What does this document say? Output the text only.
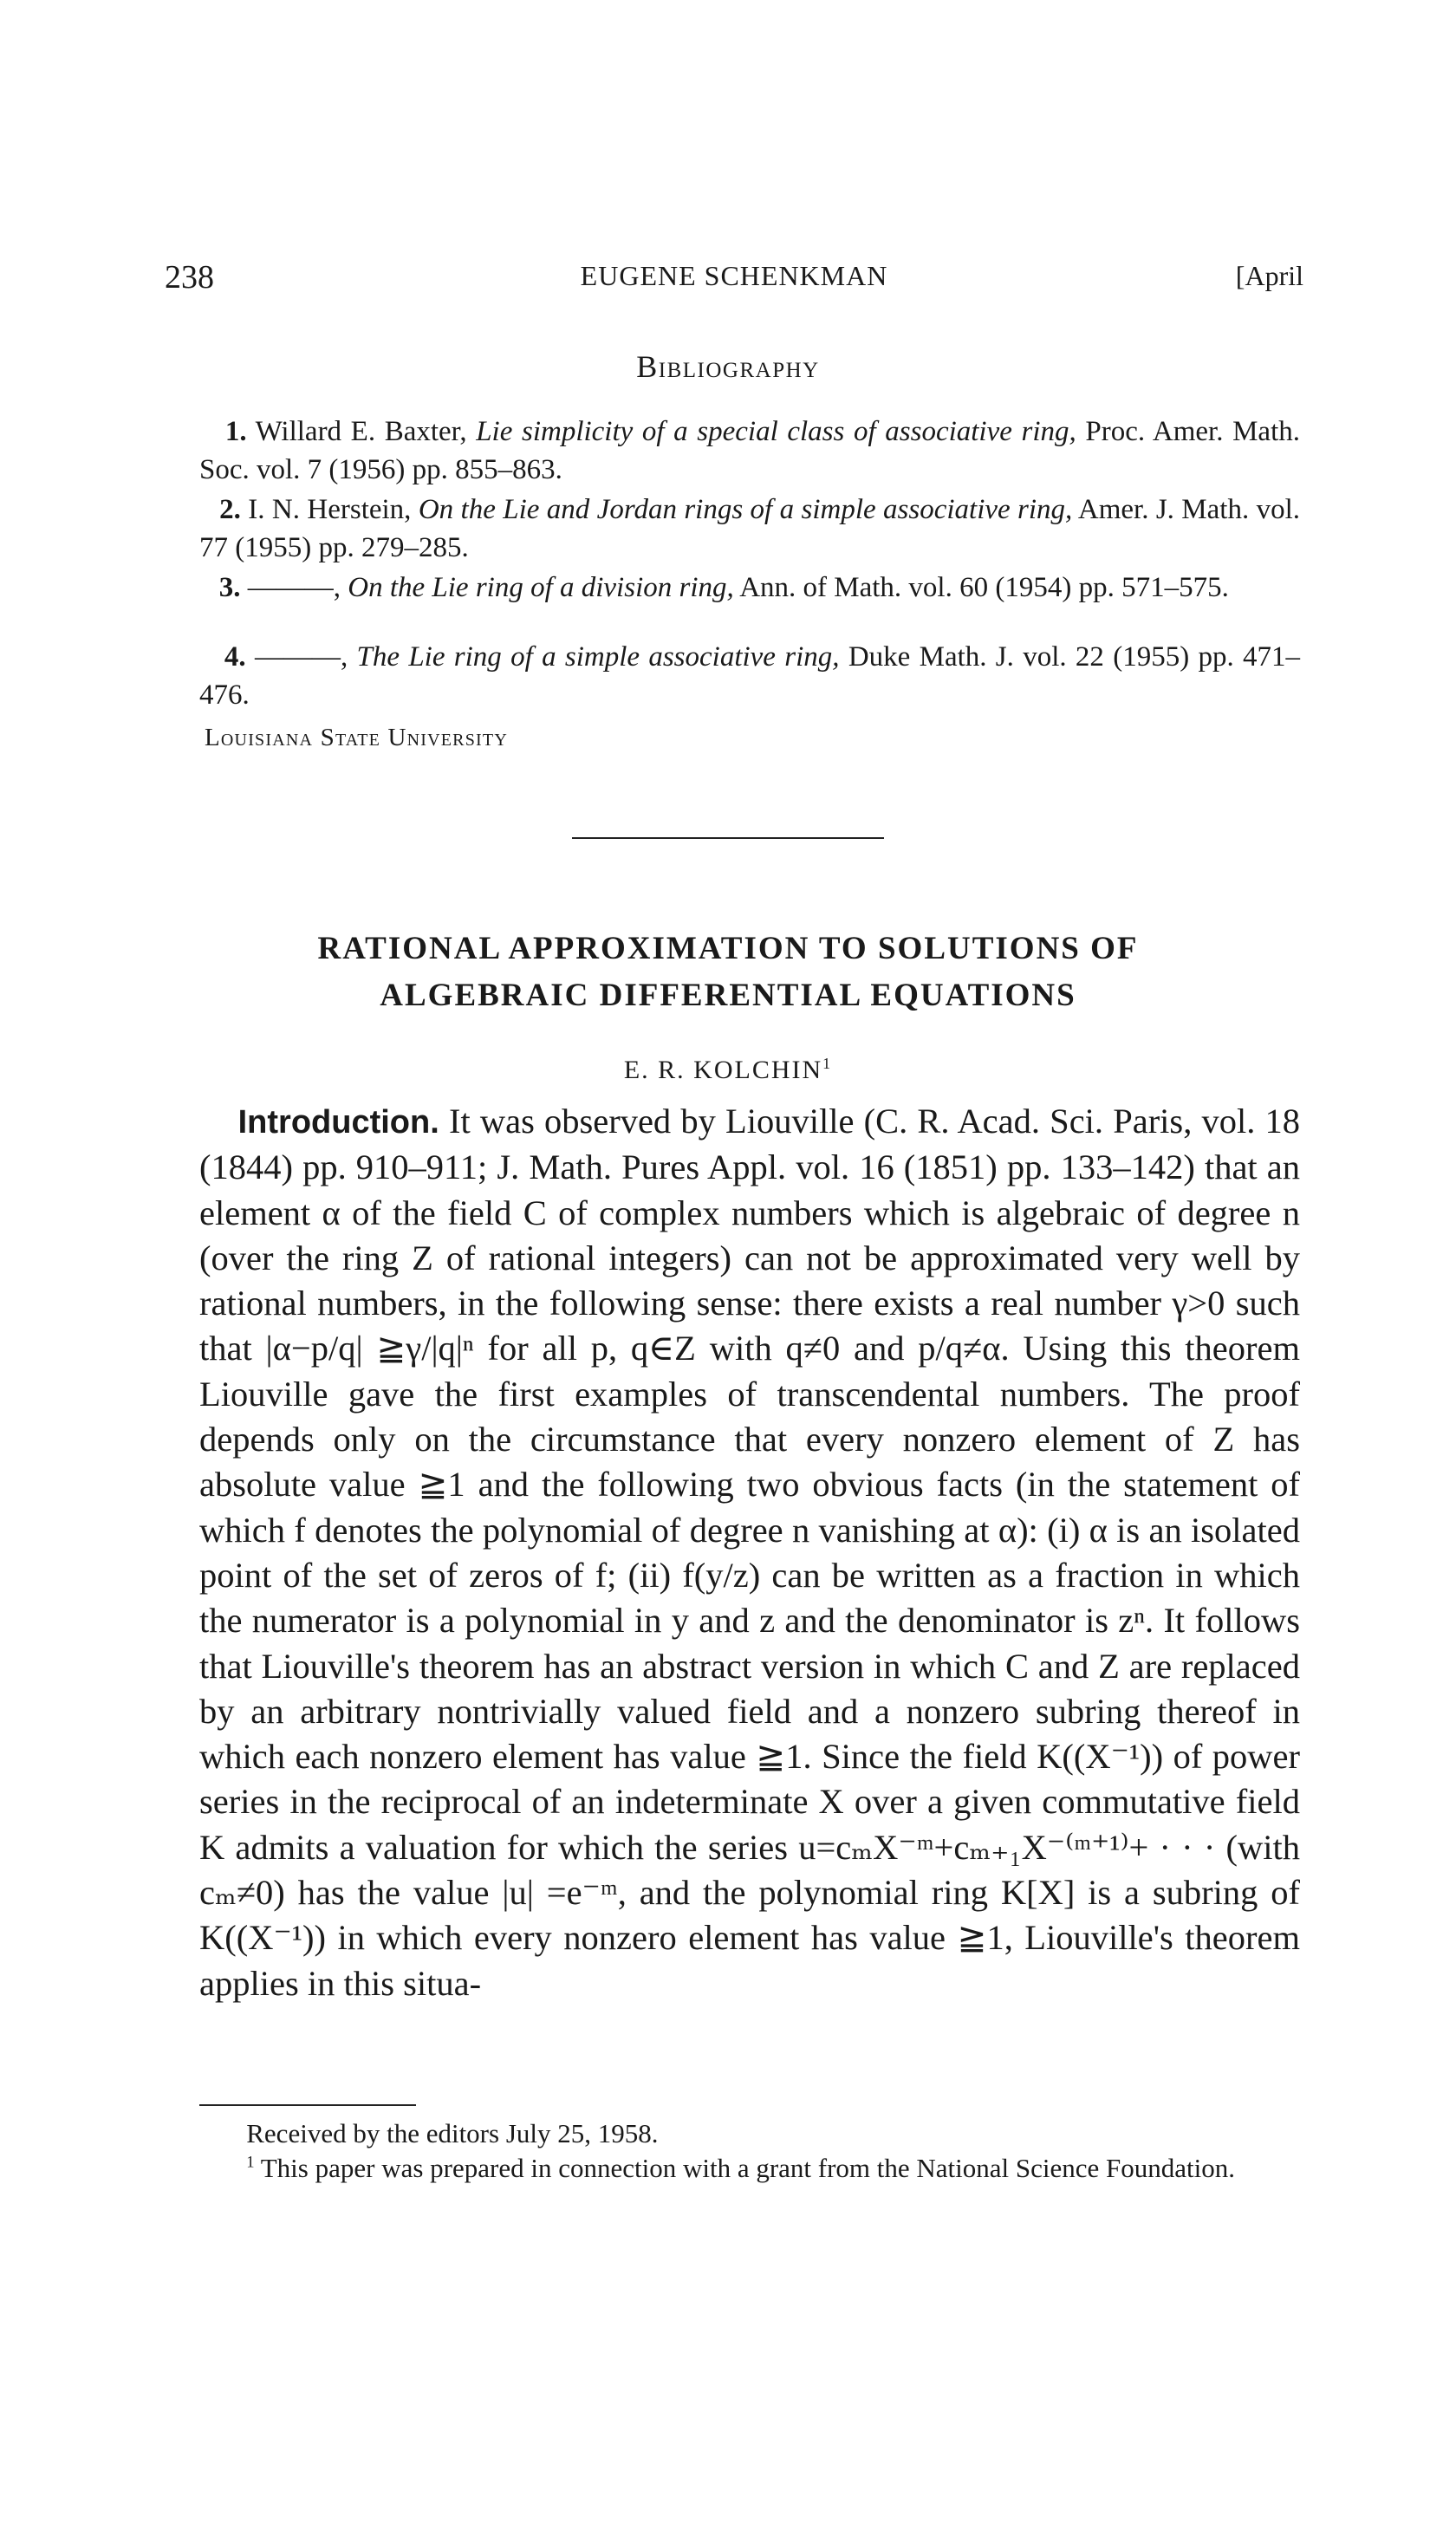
238	EUGENE SCHENKMAN	[April
Bibliography

1. Willard E. Baxter, Lie simplicity of a special class of associative ring, Proc. Amer. Math. Soc. vol. 7 (1956) pp. 855–863.

2. I. N. Herstein, On the Lie and Jordan rings of a simple associative ring, Amer. J. Math. vol. 77 (1955) pp. 279–285.

3. ———, On the Lie ring of a division ring, Ann. of Math. vol. 60 (1954) pp. 571–575.

4. ———, The Lie ring of a simple associative ring, Duke Math. J. vol. 22 (1955) pp. 471–476.

Louisiana State University
RATIONAL APPROXIMATION TO SOLUTIONS OF
ALGEBRAIC DIFFERENTIAL EQUATIONS
E. R. KOLCHIN$^1$

Introduction. It was observed by Liouville (C. R. Acad. Sci. Paris, vol. 18 (1844) pp. 910–911; J. Math. Pures Appl. vol. 16 (1851) pp. 133–142) that an element α of the field C of complex numbers which is algebraic of degree n (over the ring Z of rational integers) can not be approximated very well by rational numbers, in the following sense: there exists a real number γ>0 such that |α−p/q| ≧γ/|q|ⁿ for all p, q∈Z with q≠0 and p/q≠α. Using this theorem Liouville gave the first examples of transcendental numbers. The proof depends only on the circumstance that every nonzero element of Z has absolute value ≧1 and the following two obvious facts (in the statement of which f denotes the polynomial of degree n vanishing at α): (i) α is an isolated point of the set of zeros of f; (ii) f(y/z) can be written as a fraction in which the numerator is a polynomial in y and z and the denominator is zⁿ. It follows that Liouville's theorem has an abstract version in which C and Z are replaced by an arbitrary nontrivially valued field and a nonzero subring thereof in which each nonzero element has value ≧1. Since the field K((X⁻¹)) of power series in the reciprocal of an indeterminate X over a given commutative field K admits a valuation for which the series u=cₘX⁻ᵐ+cₘ₊₁X⁻⁽ᵐ⁺¹⁾+ · · · (with cₘ≠0) has the value |u| =e⁻ᵐ, and the polynomial ring K[X] is a subring of K((X⁻¹)) in which every nonzero element has value ≧1, Liouville's theorem applies in this situa-

Received by the editors July 25, 1958.

$^1$ This paper was prepared in connection with a grant from the National Science Foundation.
